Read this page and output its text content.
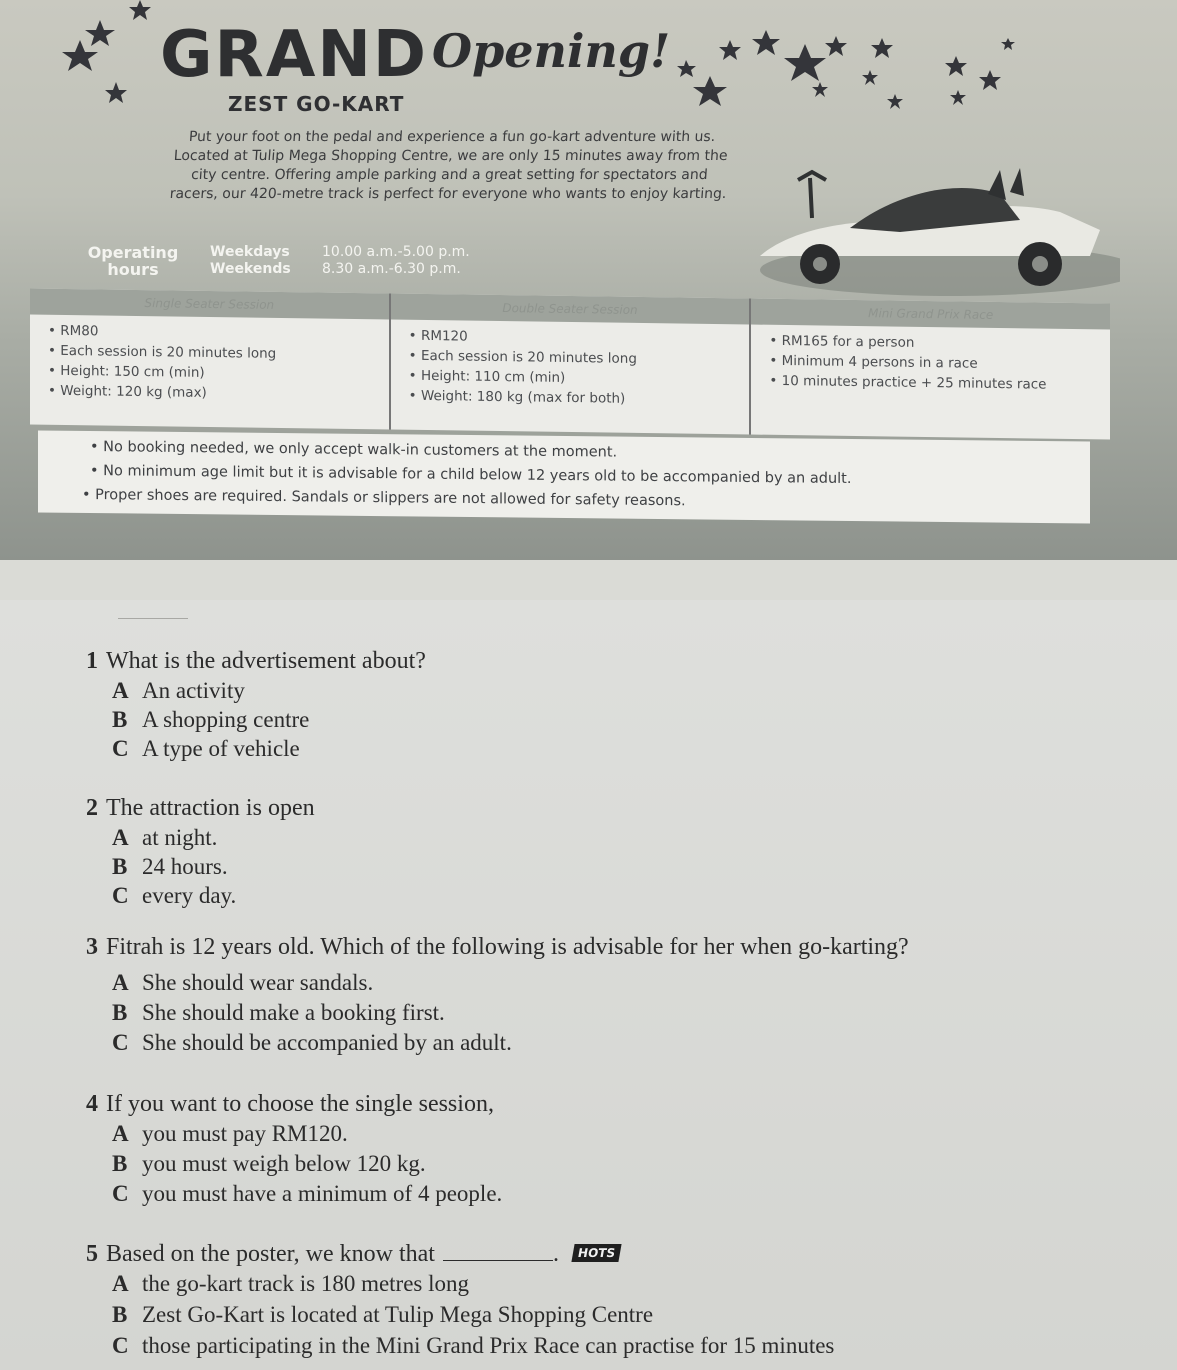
GRAND Opening!
ZEST GO-KART
Put your foot on the pedal and experience a fun go-kart adventure with us.
Located at Tulip Mega Shopping Centre, we are only 15 minutes away from the
city centre. Offering ample parking and a great setting for spectators and
racers, our 420-metre track is perfect for everyone who wants to enjoy karting.
Operating
hours
Weekdays 10.00 a.m.-5.00 p.m.
Weekends 8.30 a.m.-6.30 p.m.
Single Seater Session
• RM80
• Each session is 20 minutes long
• Height: 150 cm (min)
• Weight: 120 kg (max)
Double Seater Session
• RM120
• Each session is 20 minutes long
• Height: 110 cm (min)
• Weight: 180 kg (max for both)
Mini Grand Prix Race
• RM165 for a person
• Minimum 4 persons in a race
• 10 minutes practice + 25 minutes race
• No booking needed, we only accept walk-in customers at the moment.
• No minimum age limit but it is advisable for a child below 12 years old to be accompanied by an adult.
• Proper shoes are required. Sandals or slippers are not allowed for safety reasons.
1 What is the advertisement about?
A An activity
B A shopping centre
C A type of vehicle
2 The attraction is open
A at night.
B 24 hours.
C every day.
3 Fitrah is 12 years old. Which of the following is advisable for her when go-karting?
A She should wear sandals.
B She should make a booking first.
C She should be accompanied by an adult.
4 If you want to choose the single session,
A you must pay RM120.
B you must weigh below 120 kg.
C you must have a minimum of 4 people.
5 Based on the poster, we know that	. HOTS
A the go-kart track is 180 metres long
B Zest Go-Kart is located at Tulip Mega Shopping Centre
C those participating in the Mini Grand Prix Race can practise for 15 minutes
